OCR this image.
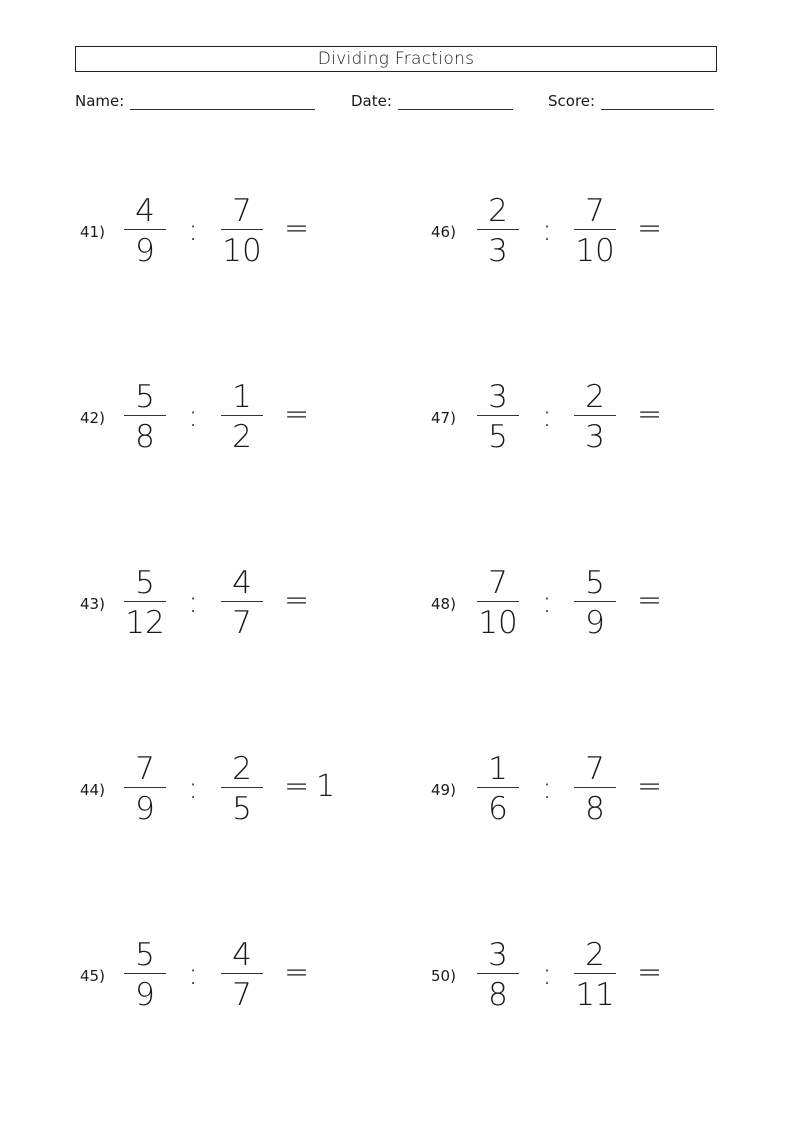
Dividing Fractions
Name:	Date:	Score:
41)
4
9
:
7
10
=
42)
5
8
:
1
2
=
43)
5
12
:
4
7
=
44)
7
9
:
2
5
= 1
45)
5
9
:
4
7
=
46)
2
3
:
7
10
=
47)
3
5
:
2
3
=
48)
7
10
:
5
9
=
49)
1
6
:
7
8
=
50)
3
8
:
2
11
=
